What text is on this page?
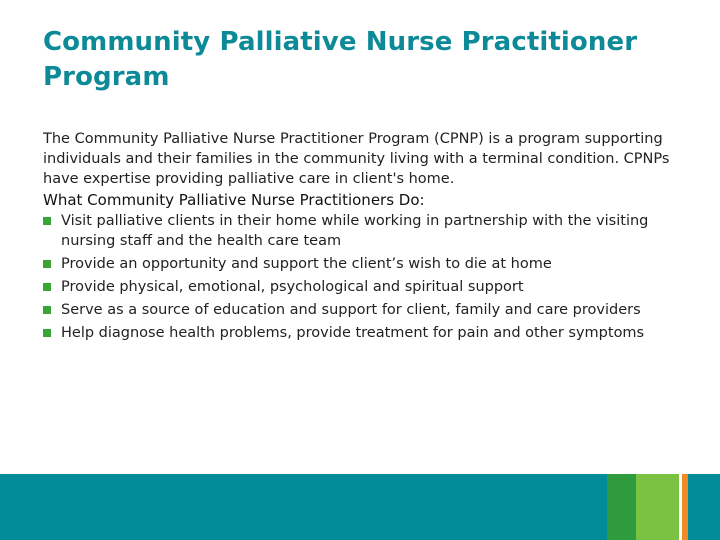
Community Palliative Nurse Practitioner Program

The Community Palliative Nurse Practitioner Program (CPNP) is a program supporting individuals and their families in the community living with a terminal condition. CPNPs have expertise providing palliative care in client's home.

What Community Palliative Nurse Practitioners Do:

Visit palliative clients in their home while working in partnership with the visiting nursing staff and the health care team
Provide an opportunity and support the client’s wish to die at home
Provide physical, emotional, psychological and spiritual support
Serve as a source of education and support for client, family and care providers
Help diagnose health problems, provide treatment for pain and other symptoms
